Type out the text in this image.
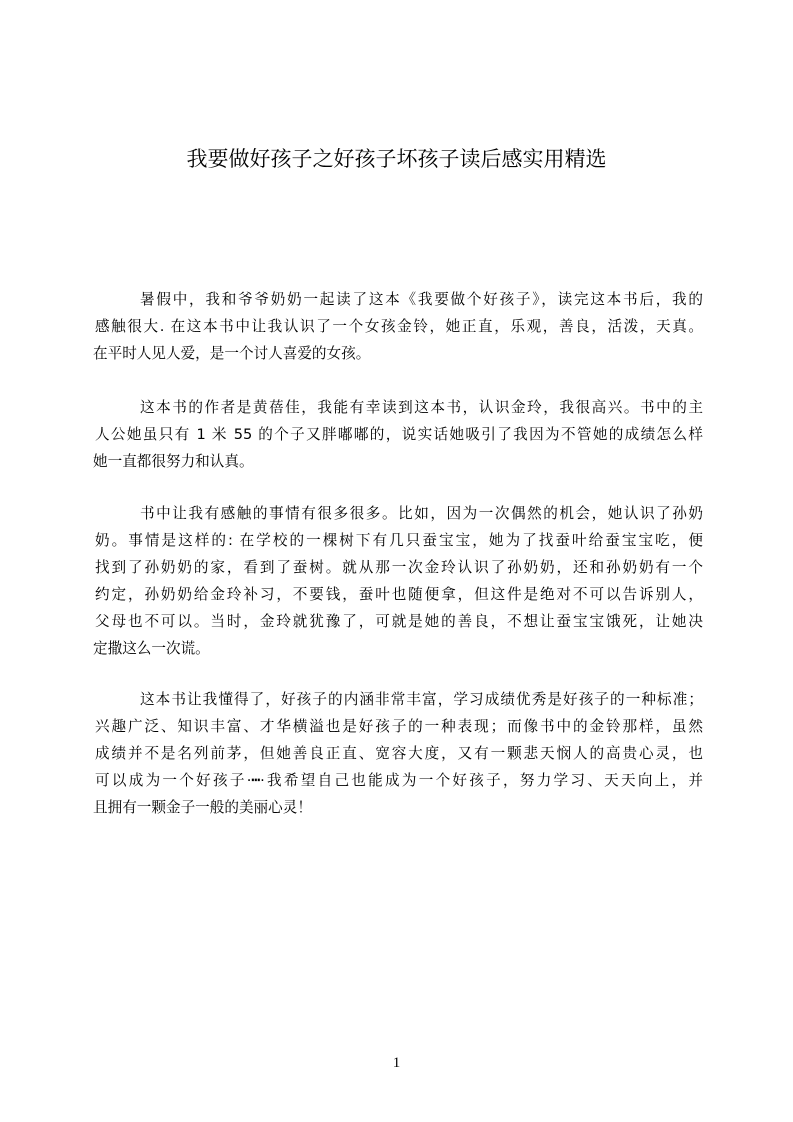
我要做好孩子之好孩子坏孩子读后感实用精选
暑假中，我和爷爷奶奶一起读了这本《我要做个好孩子》，读完这本书后，我的
感触很大. 在这本书中让我认识了一个女孩金铃，她正直，乐观，善良，活泼，天真。
在平时人见人爱，是一个讨人喜爱的女孩。
这本书的作者是黄蓓佳，我能有幸读到这本书，认识金玲，我很高兴。书中的主
人公她虽只有 1 米 55 的个子又胖嘟嘟的，说实话她吸引了我因为不管她的成绩怎么样
她一直都很努力和认真。
书中让我有感触的事情有很多很多。比如，因为一次偶然的机会，她认识了孙奶
奶。事情是这样的: 在学校的一棵树下有几只蚕宝宝，她为了找蚕叶给蚕宝宝吃，便
找到了孙奶奶的家，看到了蚕树。就从那一次金玲认识了孙奶奶，还和孙奶奶有一个
约定，孙奶奶给金玲补习，不要钱，蚕叶也随便拿，但这件是绝对不可以告诉别人，
父母也不可以。当时，金玲就犹豫了，可就是她的善良，不想让蚕宝宝饿死，让她决
定撒这么一次谎。
这本书让我懂得了，好孩子的内涵非常丰富，学习成绩优秀是好孩子的一种标准；
兴趣广泛、知识丰富、才华横溢也是好孩子的一种表现；而像书中的金铃那样，虽然
成绩并不是名列前茅，但她善良正直、宽容大度，又有一颗悲天悯人的高贵心灵，也
可以成为一个好孩子·┅·我希望自己也能成为一个好孩子，努力学习、天天向上，并
且拥有一颗金子一般的美丽心灵！
1
